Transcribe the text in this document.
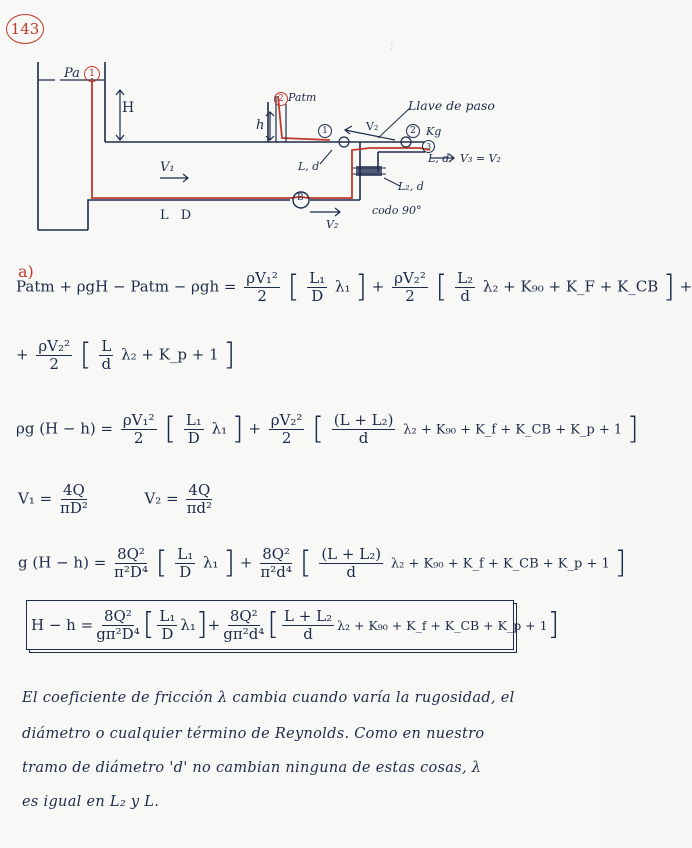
143
Pa 1
H
2 Patm
h
Llave de paso
V₂
1	2 Kg
3
L, d V₃ = V₂
L, d
V₁
L₂, d
B
codo 90°
L D
V₂
⁝
a)
Patm + ρgH − Patm − $\rho gh = \frac{\text{ρV₁²}}{2}$ [ $\frac{\text{L₁}}{D} \lambda_1$ ] + $\frac{\text{ρV₂²}}{2}$ [ $\frac{\text{L₂}}{d} \lambda_2 + K_{90}$ + K_F + K_CB ] +
+ $\frac{\text{ρV₂²}}{2}$ [ $\frac{L}{d} \lambda_2$ + K_p + 1 ]
ρg $(H - h) = \frac{\text{ρV₁²}}{2}$ [ $\frac{\text{L₁}}{D} \lambda_1$ ] + $\frac{\text{ρV₂²}}{2}$ [ $\frac{\text{(L + L₂)}}{d} \lambda_2 + K_{90}$ + K_f + K_CB + K_p + 1 ]
$V_1 = \frac{4Q}{\text{πD²}}$	$V_2 = \frac{4Q}{\text{πd²}}$
g $(H - h) = \frac{\text{8Q²}}{\text{π²D⁴}}$ [ $\frac{\text{L₁}}{D} \lambda_1$ ] + $\frac{\text{8Q²}}{\text{π²d⁴}}$ [ $\frac{\text{(L + L₂)}}{d} \lambda_2 + K_{90}$ + K_f + K_CB + K_p + 1 ]
$H - h = \frac{\text{8Q²}}{\text{gπ²D⁴}}$ [ $\frac{\text{L₁}}{D} \lambda_1$ ] + $\frac{\text{8Q²}}{\text{gπ²d⁴}}$ [ $\frac{\text{L + L₂}}{d} \lambda_2 + K_{90}$ + K_f + K_CB + K_p + 1 ]
El coeficiente de fricción λ cambia cuando varía la rugosidad, el
diámetro o cualquier término de Reynolds. Como en nuestro
tramo de diámetro 'd' no cambian ninguna de estas cosas, λ
es igual en L₂ y L.
